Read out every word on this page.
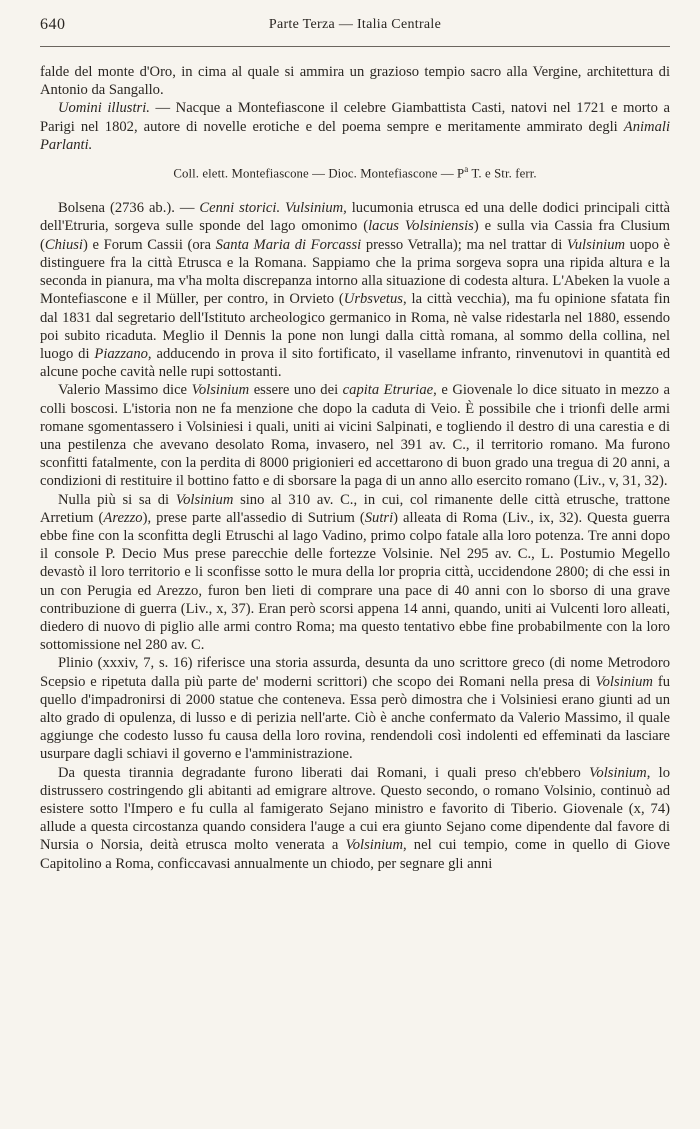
640	Parte Terza — Italia Centrale

falde del monte d'Oro, in cima al quale si ammira un grazioso tempio sacro alla Vergine, architettura di Antonio da Sangallo.

Uomini illustri. — Nacque a Montefiascone il celebre Giambattista Casti, natovi nel 1721 e morto a Parigi nel 1802, autore di novelle erotiche e del poema sempre e meritamente ammirato degli Animali Parlanti.

Coll. elett. Montefiascone — Dioc. Montefiascone — $P^a$ T. e Str. ferr.

Bolsena (2736 ab.). — Cenni storici. Vulsinium, lucumonia etrusca ed una delle dodici principali città dell'Etruria, sorgeva sulle sponde del lago omonimo (lacus Volsiniensis) e sulla via Cassia fra Clusium (Chiusi) e Forum Cassii (ora Santa Maria di Forcassi presso Vetralla); ma nel trattar di Vulsinium uopo è distinguere fra la città Etrusca e la Romana. Sappiamo che la prima sorgeva sopra una ripida altura e la seconda in pianura, ma v'ha molta discrepanza intorno alla situazione di codesta altura. L'Abeken la vuole a Montefiascone e il Müller, per contro, in Orvieto (Urbsvetus, la città vecchia), ma fu opinione sfatata fin dal 1831 dal segretario dell'Istituto archeologico germanico in Roma, nè valse ridestarla nel 1880, essendo poi subito ricaduta. Meglio il Dennis la pone non lungi dalla città romana, al sommo della collina, nel luogo di Piazzano, adducendo in prova il sito fortificato, il vasellame infranto, rinvenutovi in quantità ed alcune poche cavità nelle rupi sottostanti.

Valerio Massimo dice Volsinium essere uno dei capita Etruriae, e Giovenale lo dice situato in mezzo a colli boscosi. L'istoria non ne fa menzione che dopo la caduta di Veio. È possibile che i trionfi delle armi romane sgomentassero i Volsiniesi i quali, uniti ai vicini Salpinati, e togliendo il destro di una carestia e di una pestilenza che avevano desolato Roma, invasero, nel 391 av. C., il territorio romano. Ma furono sconfitti fatalmente, con la perdita di 8000 prigionieri ed accettarono di buon grado una tregua di 20 anni, a condizioni di restituire il bottino fatto e di sborsare la paga di un anno allo esercito romano (Liv., v, 31, 32).

Nulla più si sa di Volsinium sino al 310 av. C., in cui, col rimanente delle città etrusche, trattone Arretium (Arezzo), prese parte all'assedio di Sutrium (Sutri) alleata di Roma (Liv., ix, 32). Questa guerra ebbe fine con la sconfitta degli Etruschi al lago Vadino, primo colpo fatale alla loro potenza. Tre anni dopo il console P. Decio Mus prese parecchie delle fortezze Volsinie. Nel 295 av. C., L. Postumio Megello devastò il loro territorio e li sconfisse sotto le mura della lor propria città, uccidendone 2800; di che essi in un con Perugia ed Arezzo, furon ben lieti di comprare una pace di 40 anni con lo sborso di una grave contribuzione di guerra (Liv., x, 37). Eran però scorsi appena 14 anni, quando, uniti ai Vulcenti loro alleati, diedero di nuovo di piglio alle armi contro Roma; ma questo tentativo ebbe fine probabilmente con la loro sottomissione nel 280 av. C.

Plinio (xxxiv, 7, s. 16) riferisce una storia assurda, desunta da uno scrittore greco (di nome Metrodoro Scepsio e ripetuta dalla più parte de' moderni scrittori) che scopo dei Romani nella presa di Volsinium fu quello d'impadronirsi di 2000 statue che conteneva. Essa però dimostra che i Volsiniesi erano giunti ad un alto grado di opulenza, di lusso e di perizia nell'arte. Ciò è anche confermato da Valerio Massimo, il quale aggiunge che codesto lusso fu causa della loro rovina, rendendoli così indolenti ed effeminati da lasciare usurpare dagli schiavi il governo e l'amministrazione.

Da questa tirannia degradante furono liberati dai Romani, i quali preso ch'ebbero Volsinium, lo distrussero costringendo gli abitanti ad emigrare altrove. Questo secondo, o romano Volsinio, continuò ad esistere sotto l'Impero e fu culla al famigerato Sejano ministro e favorito di Tiberio. Giovenale (x, 74) allude a questa circostanza quando considera l'auge a cui era giunto Sejano come dipendente dal favore di Nursia o Norsia, deità etrusca molto venerata a Volsinium, nel cui tempio, come in quello di Giove Capitolino a Roma, conficcavasi annualmente un chiodo, per segnare gli anni
